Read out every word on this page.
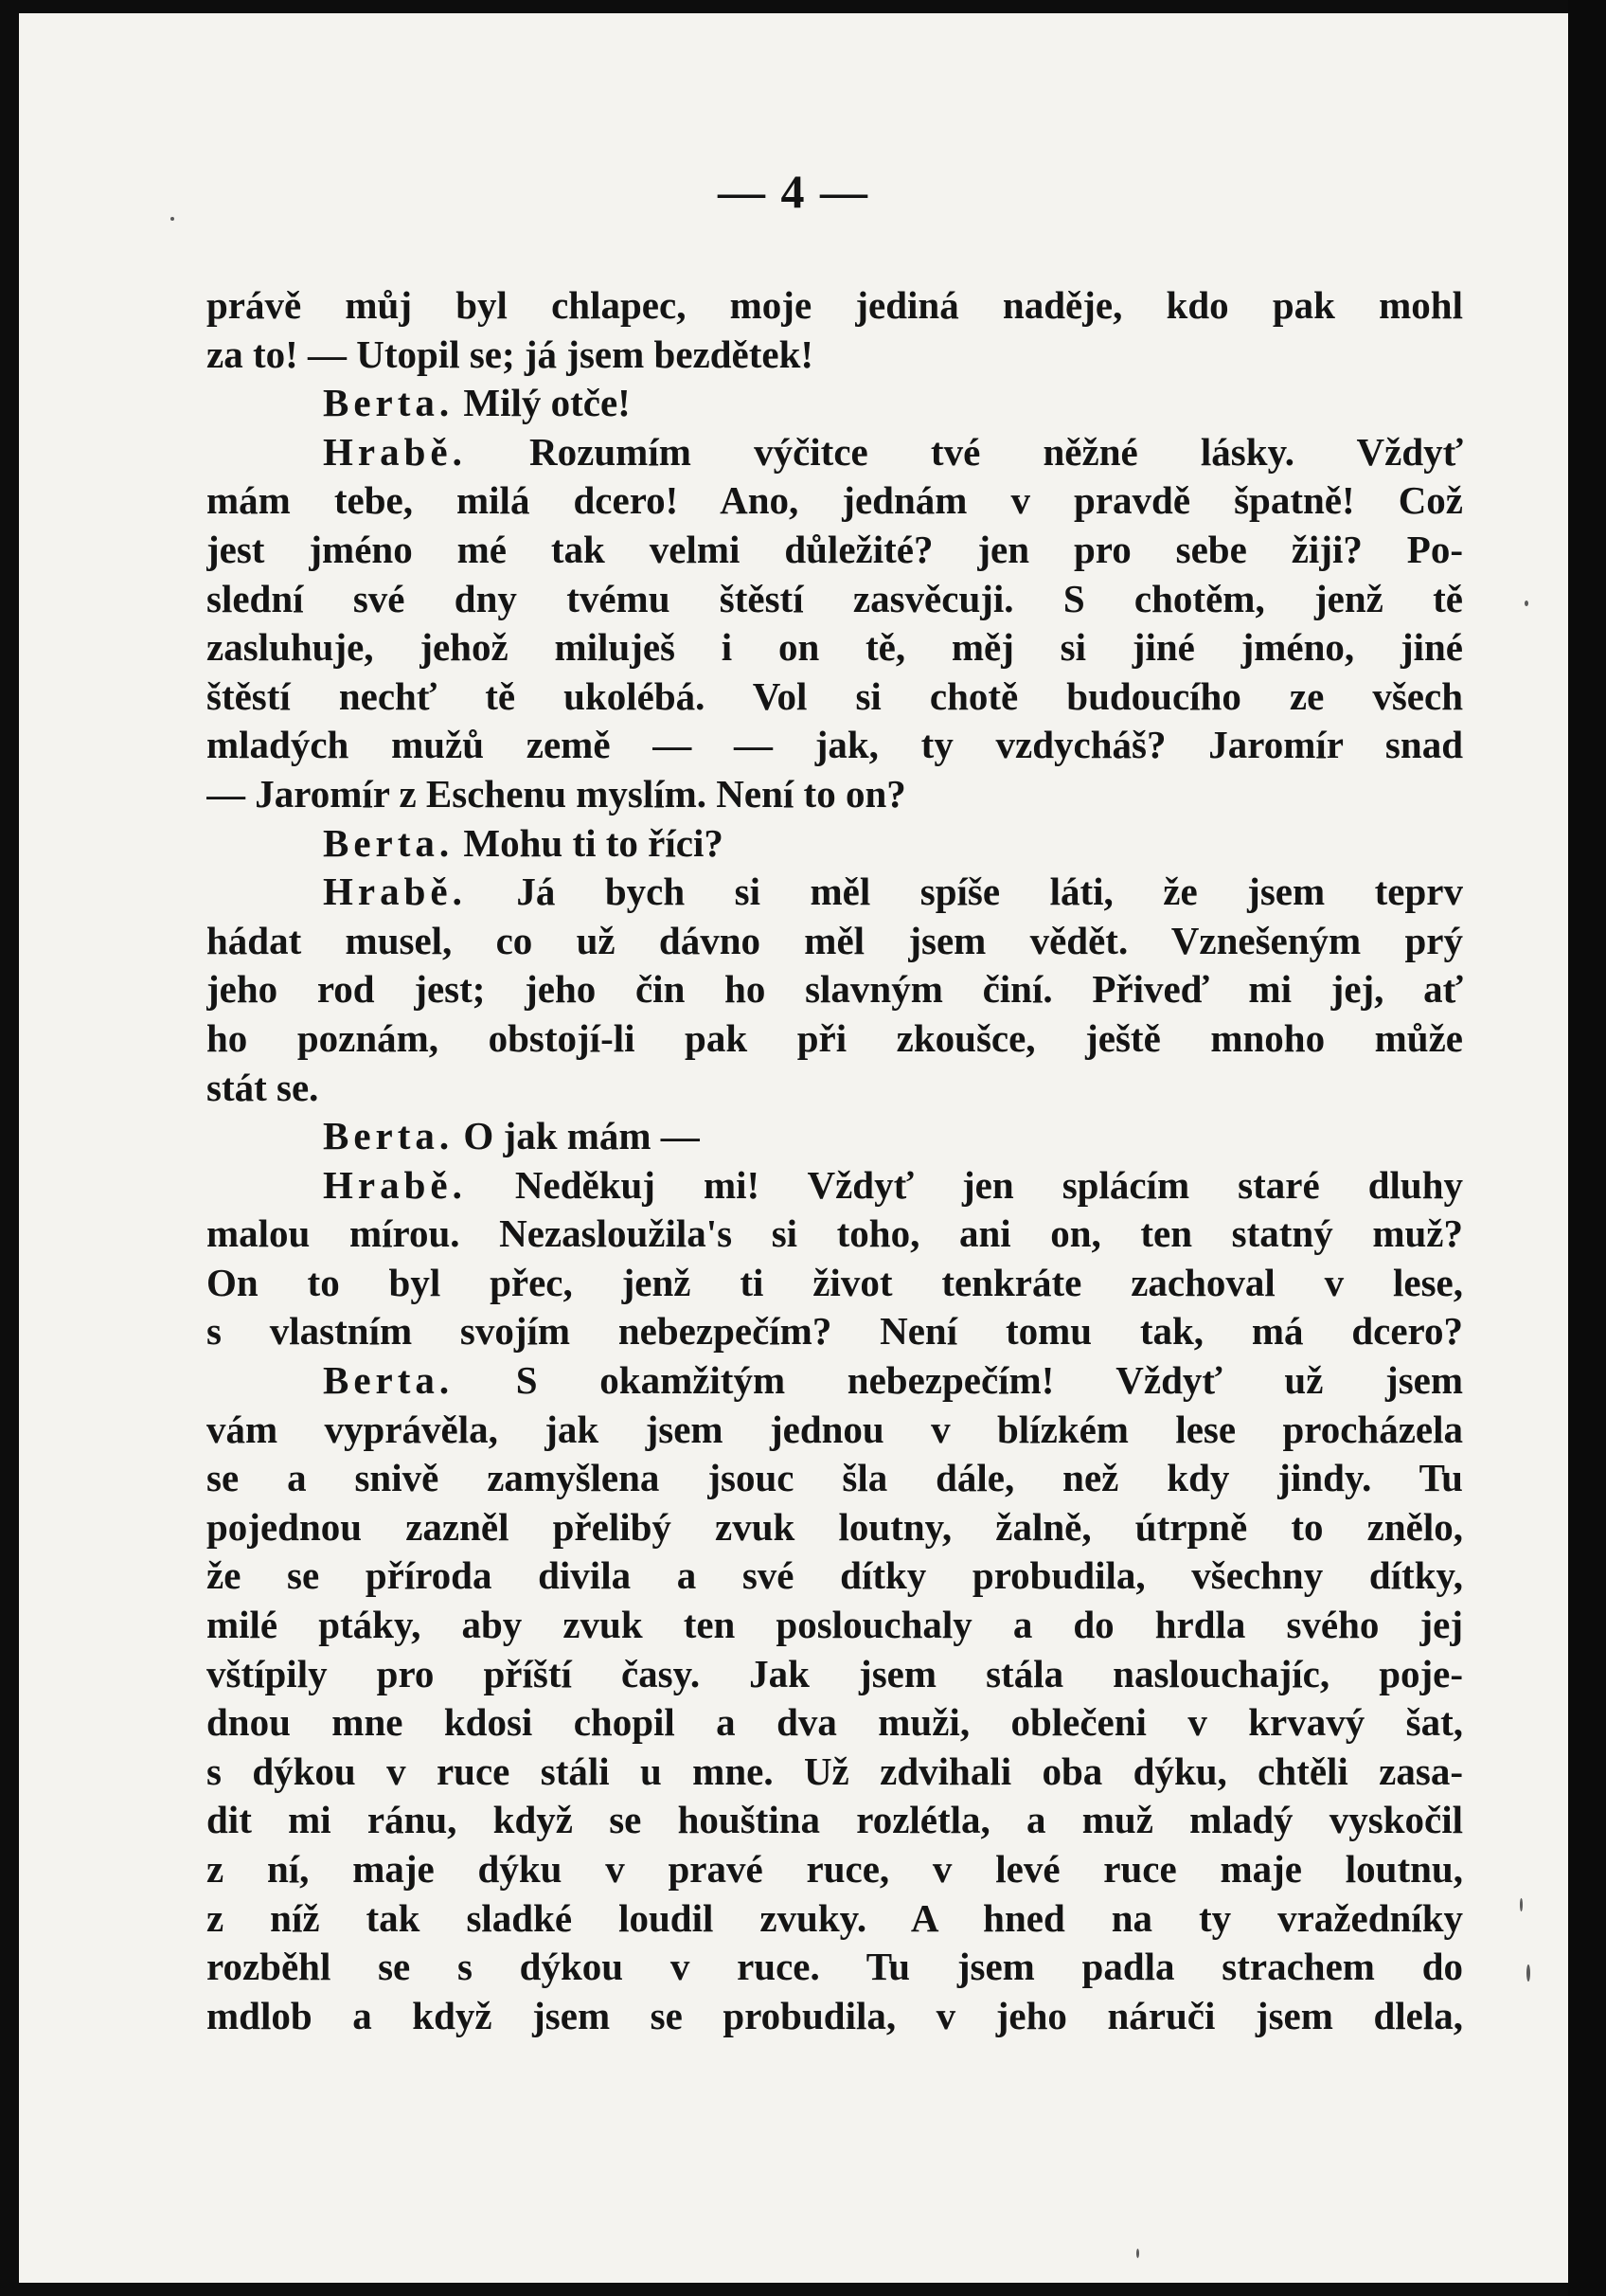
— 4 —
právě můj byl chlapec, moje jediná naděje, kdo pak mohl
za to! — Utopil se; já jsem bezdětek!
Berta. Milý otče!
Hrabě. Rozumím výčitce tvé něžné lásky. Vždyť
mám tebe, milá dcero! Ano, jednám v pravdě špatně! Což
jest jméno mé tak velmi důležité? jen pro sebe žiji? Po-
slední své dny tvému štěstí zasvěcuji. S chotěm, jenž tě
zasluhuje, jehož miluješ i on tě, měj si jiné jméno, jiné
štěstí nechť tě ukolébá. Vol si chotě budoucího ze všech
mladých mužů země — — jak, ty vzdycháš? Jaromír snad
— Jaromír z Eschenu myslím. Není to on?
Berta. Mohu ti to říci?
Hrabě. Já bych si měl spíše láti, že jsem teprv
hádat musel, co už dávno měl jsem vědět. Vznešeným prý
jeho rod jest; jeho čin ho slavným činí. Přiveď mi jej, ať
ho poznám, obstojí-li pak při zkoušce, ještě mnoho může
stát se.
Berta. O jak mám —
Hrabě. Neděkuj mi! Vždyť jen splácím staré dluhy
malou mírou. Nezasloužila's si toho, ani on, ten statný muž?
On to byl přec, jenž ti život tenkráte zachoval v lese,
s vlastním svojím nebezpečím? Není tomu tak, má dcero?
Berta. S okamžitým nebezpečím! Vždyť už jsem
vám vyprávěla, jak jsem jednou v blízkém lese procházela
se a snivě zamyšlena jsouc šla dále, než kdy jindy. Tu
pojednou zazněl přelibý zvuk loutny, žalně, útrpně to znělo,
že se příroda divila a své dítky probudila, všechny dítky,
milé ptáky, aby zvuk ten poslouchaly a do hrdla svého jej
vštípily pro příští časy. Jak jsem stála naslouchajíc, poje-
dnou mne kdosi chopil a dva muži, oblečeni v krvavý šat,
s dýkou v ruce stáli u mne. Už zdvihali oba dýku, chtěli zasa-
dit mi ránu, když se houština rozlétla, a muž mladý vyskočil
z ní, maje dýku v pravé ruce, v levé ruce maje loutnu,
z níž tak sladké loudil zvuky. A hned na ty vražedníky
rozběhl se s dýkou v ruce. Tu jsem padla strachem do
mdlob a když jsem se probudila, v jeho náruči jsem dlela,
